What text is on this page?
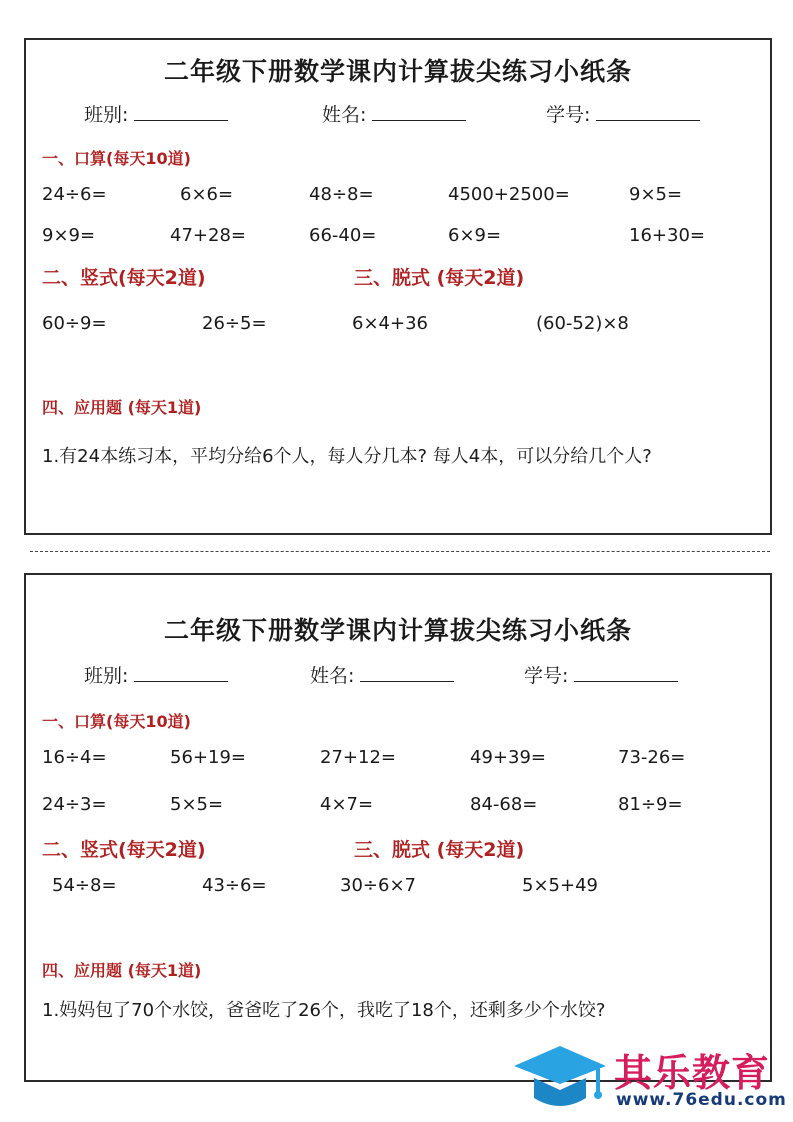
二年级下册数学课内计算拔尖练习小纸条
班别:	姓名:	学号:
一、口算(每天10道)
24÷6=	6×6=	48÷8=	4500+2500=	9×5=
9×9=	47+28=	66-40=	6×9=	16+30=
二、竖式(每天2道)	三、脱式 (每天2道)
60÷9=	26÷5=	6×4+36	(60-52)×8
四、应用题 (每天1道)
1.有24本练习本，平均分给6个人，每人分几本? 每人4本，可以分给几个人?
二年级下册数学课内计算拔尖练习小纸条
班别:	姓名:	学号:
一、口算(每天10道)
16÷4=	56+19=	27+12=	49+39=	73-26=
24÷3=	5×5=	4×7=	84-68=	81÷9=
二、竖式(每天2道)	三、脱式 (每天2道)
54÷8=	43÷6=	30÷6×7	5×5+49
四、应用题 (每天1道)
1.妈妈包了70个水饺，爸爸吃了26个，我吃了18个，还剩多少个水饺?
其乐教育
www.76edu.com
